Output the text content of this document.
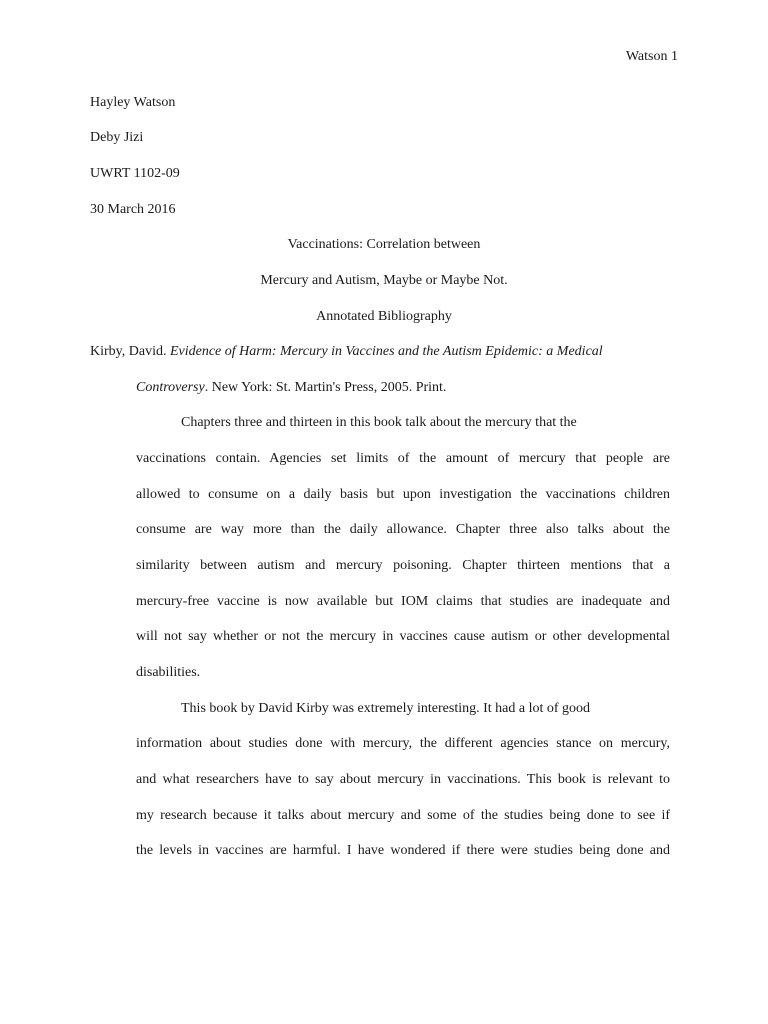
Watson 1
Hayley Watson
Deby Jizi
UWRT 1102-09
30 March 2016
Vaccinations: Correlation between
Mercury and Autism, Maybe or Maybe Not.
Annotated Bibliography
Kirby, David. Evidence of Harm: Mercury in Vaccines and the Autism Epidemic: a Medical
Controversy. New York: St. Martin's Press, 2005. Print.
Chapters three and thirteen in this book talk about the mercury that the
vaccinations contain. Agencies set limits of the amount of mercury that people are
allowed to consume on a daily basis but upon investigation the vaccinations children
consume are way more than the daily allowance. Chapter three also talks about the
similarity between autism and mercury poisoning. Chapter thirteen mentions that a
mercury-free vaccine is now available but IOM claims that studies are inadequate and
will not say whether or not the mercury in vaccines cause autism or other developmental
disabilities.
This book by David Kirby was extremely interesting. It had a lot of good
information about studies done with mercury, the different agencies stance on mercury,
and what researchers have to say about mercury in vaccinations. This book is relevant to
my research because it talks about mercury and some of the studies being done to see if
the levels in vaccines are harmful. I have wondered if there were studies being done and
